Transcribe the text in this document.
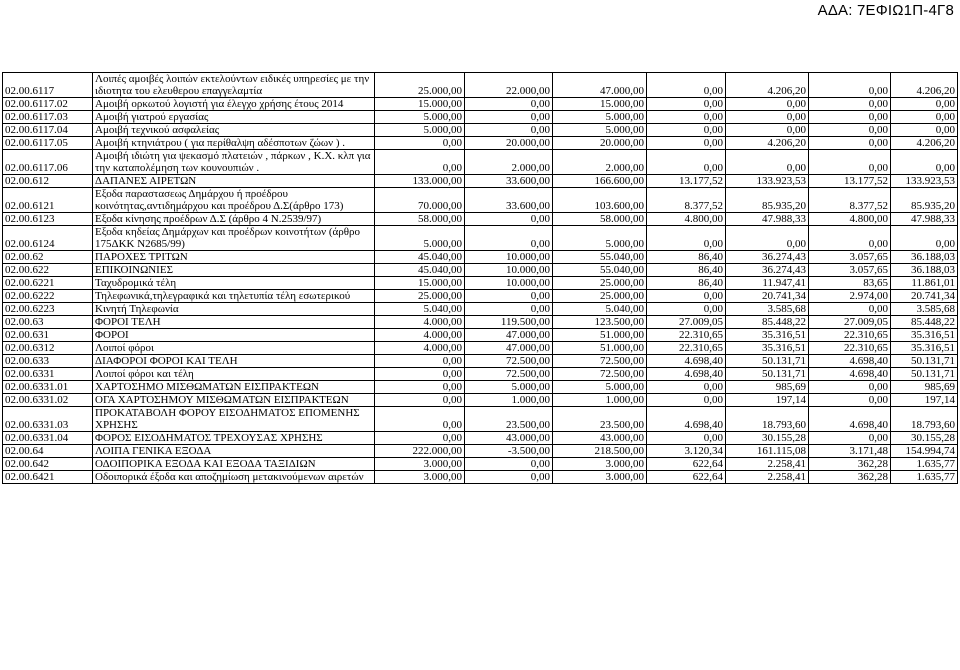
ΑΔΑ: 7ΕΦΙΩ1Π-4Γ8
02.00.6117	Λοιπές αμοιβές λοιπών εκτελούντων ειδικές υπηρεσίες με την ιδιοτητα του ελευθερου επαγγελαμτία	25.000,00	22.000,00	47.000,00	0,00	4.206,20	0,00	4.206,20
02.00.6117.02	Αμοιβή ορκωτού λογιστή για έλεγχο χρήσης έτους 2014	15.000,00	0,00	15.000,00	0,00	0,00	0,00	0,00
02.00.6117.03	Αμοιβή γιατρού εργασίας	5.000,00	0,00	5.000,00	0,00	0,00	0,00	0,00
02.00.6117.04	Αμοιβή τεχνικού ασφαλείας	5.000,00	0,00	5.000,00	0,00	0,00	0,00	0,00
02.00.6117.05	Αμοιβή κτηνιάτρου ( για περίθαλψη αδέσποτων ζώων ) .	0,00	20.000,00	20.000,00	0,00	4.206,20	0,00	4.206,20
02.00.6117.06	Αμοιβή ιδιώτη για ψεκασμό πλατειών , πάρκων , Κ.Χ. κλπ για την καταπολέμηση των κουνουπιών .	0,00	2.000,00	2.000,00	0,00	0,00	0,00	0,00
02.00.612	ΔΑΠΑΝΕΣ ΑΙΡΕΤΩΝ	133.000,00	33.600,00	166.600,00	13.177,52	133.923,53	13.177,52	133.923,53
02.00.6121	Εξοδα παραστασεως Δημάρχου ή προέδρου κοινότητας,αντιδημάρχου και προέδρου Δ.Σ(άρθρο 173)	70.000,00	33.600,00	103.600,00	8.377,52	85.935,20	8.377,52	85.935,20
02.00.6123	Εξοδα κίνησης προέδρων Δ.Σ (άρθρο 4 Ν.2539/97)	58.000,00	0,00	58.000,00	4.800,00	47.988,33	4.800,00	47.988,33
02.00.6124	Εξοδα κηδείας Δημάρχων και προέδρων κοινοτήτων (άρθρο 175ΔΚΚ Ν2685/99)	5.000,00	0,00	5.000,00	0,00	0,00	0,00	0,00
02.00.62	ΠΑΡΟΧΕΣ ΤΡΙΤΩΝ	45.040,00	10.000,00	55.040,00	86,40	36.274,43	3.057,65	36.188,03
02.00.622	ΕΠΙΚΟΙΝΩΝΙΕΣ	45.040,00	10.000,00	55.040,00	86,40	36.274,43	3.057,65	36.188,03
02.00.6221	Ταχυδρομικά τέλη	15.000,00	10.000,00	25.000,00	86,40	11.947,41	83,65	11.861,01
02.00.6222	Τηλεφωνικά,τηλεγραφικά και τηλετυπία τέλη εσωτερικού	25.000,00	0,00	25.000,00	0,00	20.741,34	2.974,00	20.741,34
02.00.6223	Κινητή Τηλεφωνία	5.040,00	0,00	5.040,00	0,00	3.585,68	0,00	3.585,68
02.00.63	ΦΟΡΟΙ ΤΕΛΗ	4.000,00	119.500,00	123.500,00	27.009,05	85.448,22	27.009,05	85.448,22
02.00.631	ΦΟΡΟΙ	4.000,00	47.000,00	51.000,00	22.310,65	35.316,51	22.310,65	35.316,51
02.00.6312	Λοιποί φόροι	4.000,00	47.000,00	51.000,00	22.310,65	35.316,51	22.310,65	35.316,51
02.00.633	ΔΙΑΦΟΡΟΙ ΦΟΡΟΙ ΚΑΙ ΤΕΛΗ	0,00	72.500,00	72.500,00	4.698,40	50.131,71	4.698,40	50.131,71
02.00.6331	Λοιποί φόροι και τέλη	0,00	72.500,00	72.500,00	4.698,40	50.131,71	4.698,40	50.131,71
02.00.6331.01	ΧΑΡΤΟΣΗΜΟ ΜΙΣΘΩΜΑΤΩΝ ΕΙΣΠΡΑΚΤΕΩΝ	0,00	5.000,00	5.000,00	0,00	985,69	0,00	985,69
02.00.6331.02	ΟΓΑ ΧΑΡΤΟΣΗΜΟΥ ΜΙΣΘΩΜΑΤΩΝ ΕΙΣΠΡΑΚΤΕΩΝ	0,00	1.000,00	1.000,00	0,00	197,14	0,00	197,14
02.00.6331.03	ΠΡΟΚΑΤΑΒΟΛΗ ΦΟΡΟΥ ΕΙΣΟΔΗΜΑΤΟΣ ΕΠΟΜΕΝΗΣ ΧΡΗΣΗΣ	0,00	23.500,00	23.500,00	4.698,40	18.793,60	4.698,40	18.793,60
02.00.6331.04	ΦΟΡΟΣ ΕΙΣΟΔΗΜΑΤΟΣ ΤΡΕΧΟΥΣΑΣ ΧΡΗΣΗΣ	0,00	43.000,00	43.000,00	0,00	30.155,28	0,00	30.155,28
02.00.64	ΛΟΙΠΑ ΓΕΝΙΚΑ ΕΞΟΔΑ	222.000,00	-3.500,00	218.500,00	3.120,34	161.115,08	3.171,48	154.994,74
02.00.642	ΟΔΟΙΠΟΡΙΚΑ ΕΞΟΔΑ ΚΑΙ ΕΞΟΔΑ ΤΑΞΙΔΙΩΝ	3.000,00	0,00	3.000,00	622,64	2.258,41	362,28	1.635,77
02.00.6421	Οδοιπορικά έξοδα και αποζημίωση μετακινούμενων αιρετών	3.000,00	0,00	3.000,00	622,64	2.258,41	362,28	1.635,77
